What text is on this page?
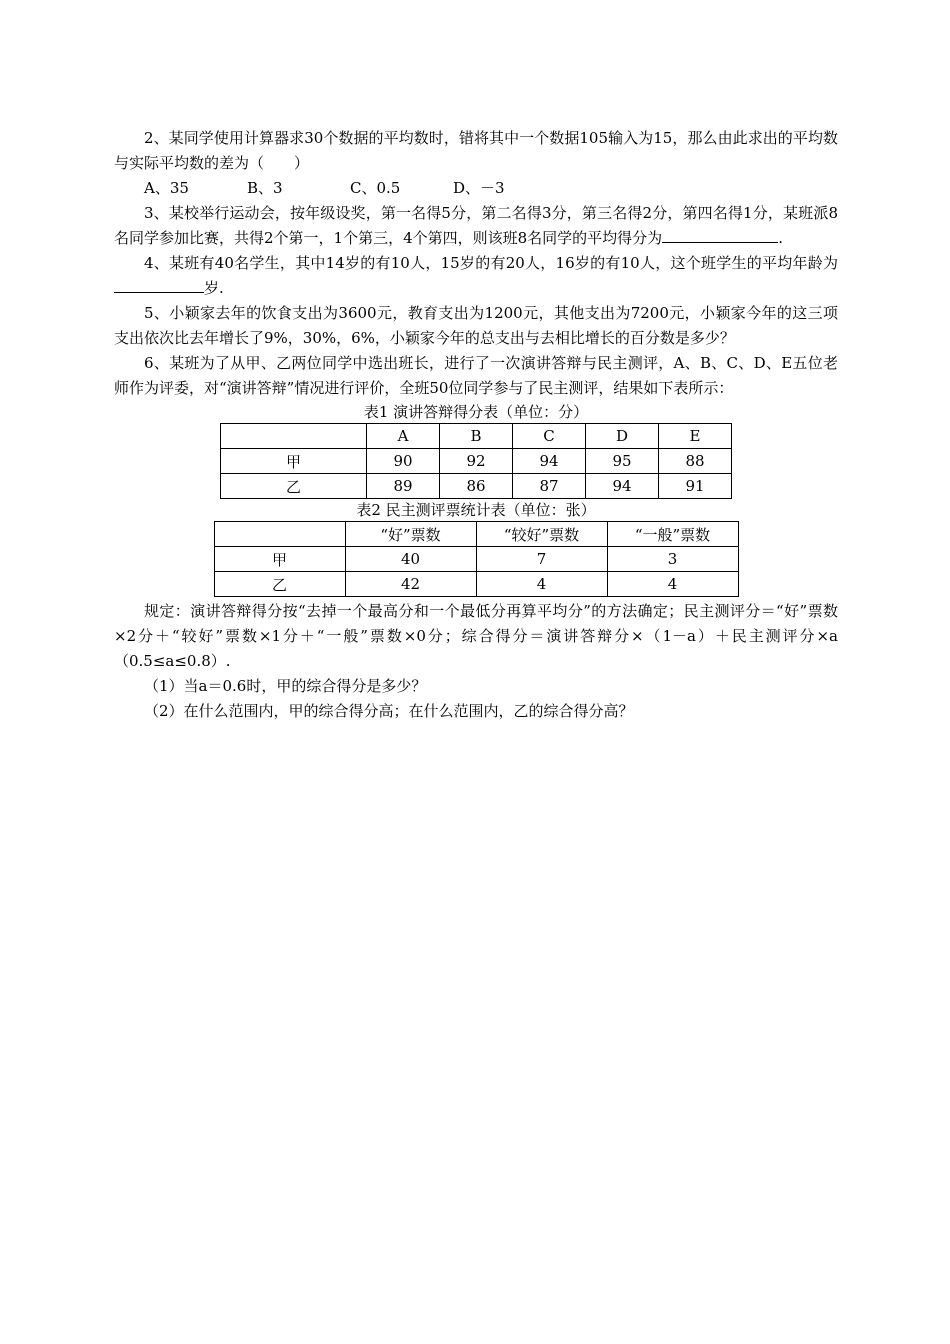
2、某同学使用计算器求30个数据的平均数时，错将其中一个数据105输入为15，那么由此求出的平均数与实际平均数的差为（　　）

A、35	B、3	C、0.5	D、－3

3、某校举行运动会，按年级设奖，第一名得5分，第二名得3分，第三名得2分，第四名得1分，某班派8名同学参加比赛，共得2个第一，1个第三，4个第四，则该班8名同学的平均得分为	.

4、某班有40名学生，其中14岁的有10人，15岁的有20人，16岁的有10人，这个班学生的平均年龄为岁.

5、小颖家去年的饮食支出为3600元，教育支出为1200元，其他支出为7200元，小颖家今年的这三项支出依次比去年增长了9%，30%，6%，小颖家今年的总支出与去相比增长的百分数是多少？

6、某班为了从甲、乙两位同学中选出班长，进行了一次演讲答辩与民主测评，A、B、C、D、E五位老师作为评委，对“演讲答辩”情况进行评价，全班50位同学参与了民主测评，结果如下表所示：

表1 演讲答辩得分表（单位：分）

	A	B	C	D	E
甲	90	92	94	95	88
乙	89	86	87	94	91

表2 民主测评票统计表（单位：张）

	“好”票数	“较好”票数	“一般”票数
甲	40	7	3
乙	42	4	4

规定：演讲答辩得分按“去掉一个最高分和一个最低分再算平均分”的方法确定；民主测评分＝“好”票数×2分＋“较好”票数×1分＋“一般”票数×0分；综合得分＝演讲答辩分×（1－a）＋民主测评分×a（0.5≤a≤0.8）.

（1）当a＝0.6时，甲的综合得分是多少？

（2）在什么范围内，甲的综合得分高；在什么范围内，乙的综合得分高？
